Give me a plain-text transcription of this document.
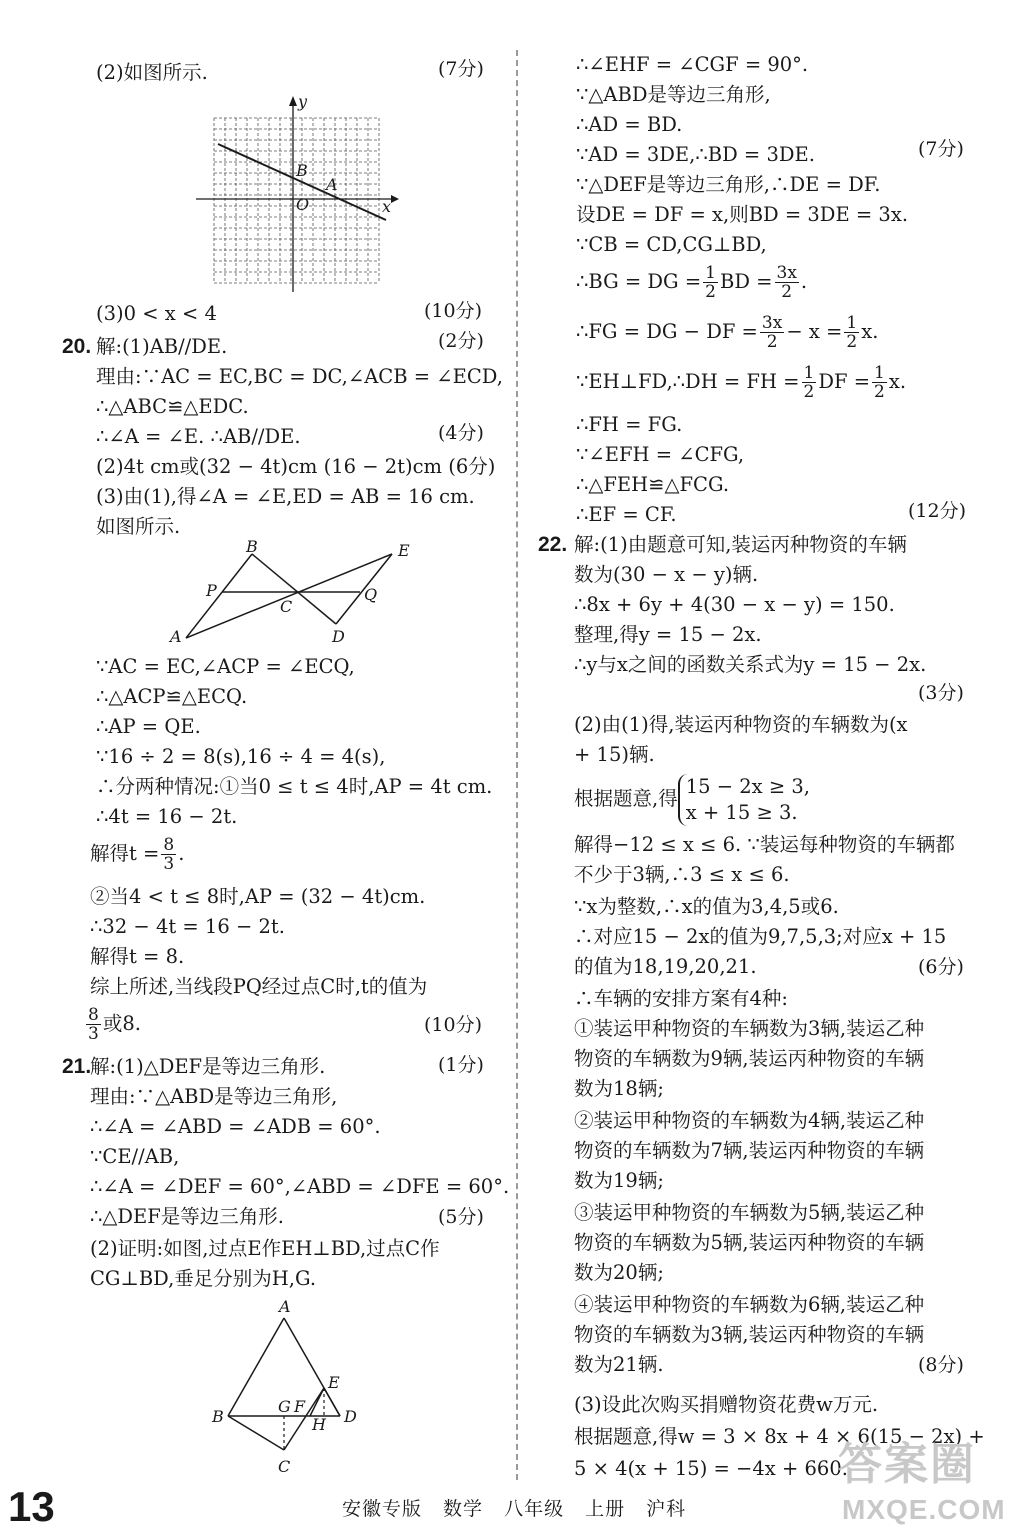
(2)如图所示.	(7分)
y
x
B
A
O
(3)0 < x < 4	(10分)
20. 解:(1)AB//DE.	(2分)
理由:∵AC = EC,BC = DC,∠ACB = ∠ECD,
∴△ABC≌△EDC.
∴∠A = ∠E. ∴AB//DE.	(4分)
(2)4t cm或(32 − 4t)cm (16 − 2t)cm (6分)
(3)由(1),得∠A = ∠E,ED = AB = 16 cm.
如图所示.
B	E
P
C
Q
A	D
∵AC = EC,∠ACP = ∠ECQ,
∴△ACP≌△ECQ.
∴AP = QE.
∵16 ÷ 2 = 8(s),16 ÷ 4 = 4(s),
∴分两种情况:①当0 ≤ t ≤ 4时,AP = 4t cm.
∴4t = 16 − 2t.
解得$t = \frac{8}{3}$ .
②当4 < t ≤ 8时,AP = (32 − 4t)cm.
∴32 − 4t = 16 − 2t.
解得t = 8.
综上所述,当线段PQ经过点C时,t的值为
$\frac{8}{3}$ 或8.	(10分)
21.
解:(1)△DEF是等边三角形.	(1分)
理由:∵△ABD是等边三角形,
∴∠A = ∠ABD = ∠ADB = 60°.
∵CE//AB,
∴∠A = ∠DEF = 60°,∠ABD = ∠DFE = 60°.
∴△DEF是等边三角形.	(5分)
(2)证明:如图,过点E作EH⊥BD,过点C作
CG⊥BD,垂足分别为H,G.
A
E
B
G F
H D
C
∴∠EHF = ∠CGF = 90°.
∵△ABD是等边三角形,
∴AD = BD.
∵AD = 3DE,∴BD = 3DE.	(7分)
∵△DEF是等边三角形,∴DE = DF.
设DE = DF = x,则BD = 3DE = 3x.
∵CB = CD,CG⊥BD,
∴BG = DG = $\frac{1}{2}$ BD = $\frac{3x}{2}$ .
∴FG = DG − DF = $\frac{3x}{2} - x = \frac{1}{2} x$.
∵EH⊥FD,∴DH = FH = $\frac{1}{2}$ DF = $\frac{1}{2} x$.
∴FH = FG.
∵∠EFH = ∠CFG,
∴△FEH≌△FCG.
∴EF = CF.	(12分)
22. 解:(1)由题意可知,装运丙种物资的车辆
数为(30 − x − y)辆.
∴8x + 6y + 4(30 − x − y) = 150.
整理,得y = 15 − 2x.
∴y与x之间的函数关系式为y = 15 − 2x.
(3分)
(2)由(1)得,装运丙种物资的车辆数为(x
+ 15)辆.
根据题意,得
15 − 2x ≥ 3,
x + 15 ≥ 3.
解得−12 ≤ x ≤ 6. ∵装运每种物资的车辆都
不少于3辆,∴3 ≤ x ≤ 6.
∵x为整数,∴x的值为3,4,5或6.
∴对应15 − 2x的值为9,7,5,3;对应x + 15
的值为18,19,20,21.	(6分)
∴车辆的安排方案有4种:
①装运甲种物资的车辆数为3辆,装运乙种
物资的车辆数为9辆,装运丙种物资的车辆
数为18辆;
②装运甲种物资的车辆数为4辆,装运乙种
物资的车辆数为7辆,装运丙种物资的车辆
数为19辆;
③装运甲种物资的车辆数为5辆,装运乙种
物资的车辆数为5辆,装运丙种物资的车辆
数为20辆;
④装运甲种物资的车辆数为6辆,装运乙种
物资的车辆数为3辆,装运丙种物资的车辆
数为21辆.	(8分)
(3)设此次购买捐赠物资花费w万元.
根据题意,得w = 3 × 8x + 4 × 6(15 − 2x) +
5 × 4(x + 15) = −4x + 660.
13	安徽专版 数学 八年级 上册 沪科
答案圈
MXQE.COM
